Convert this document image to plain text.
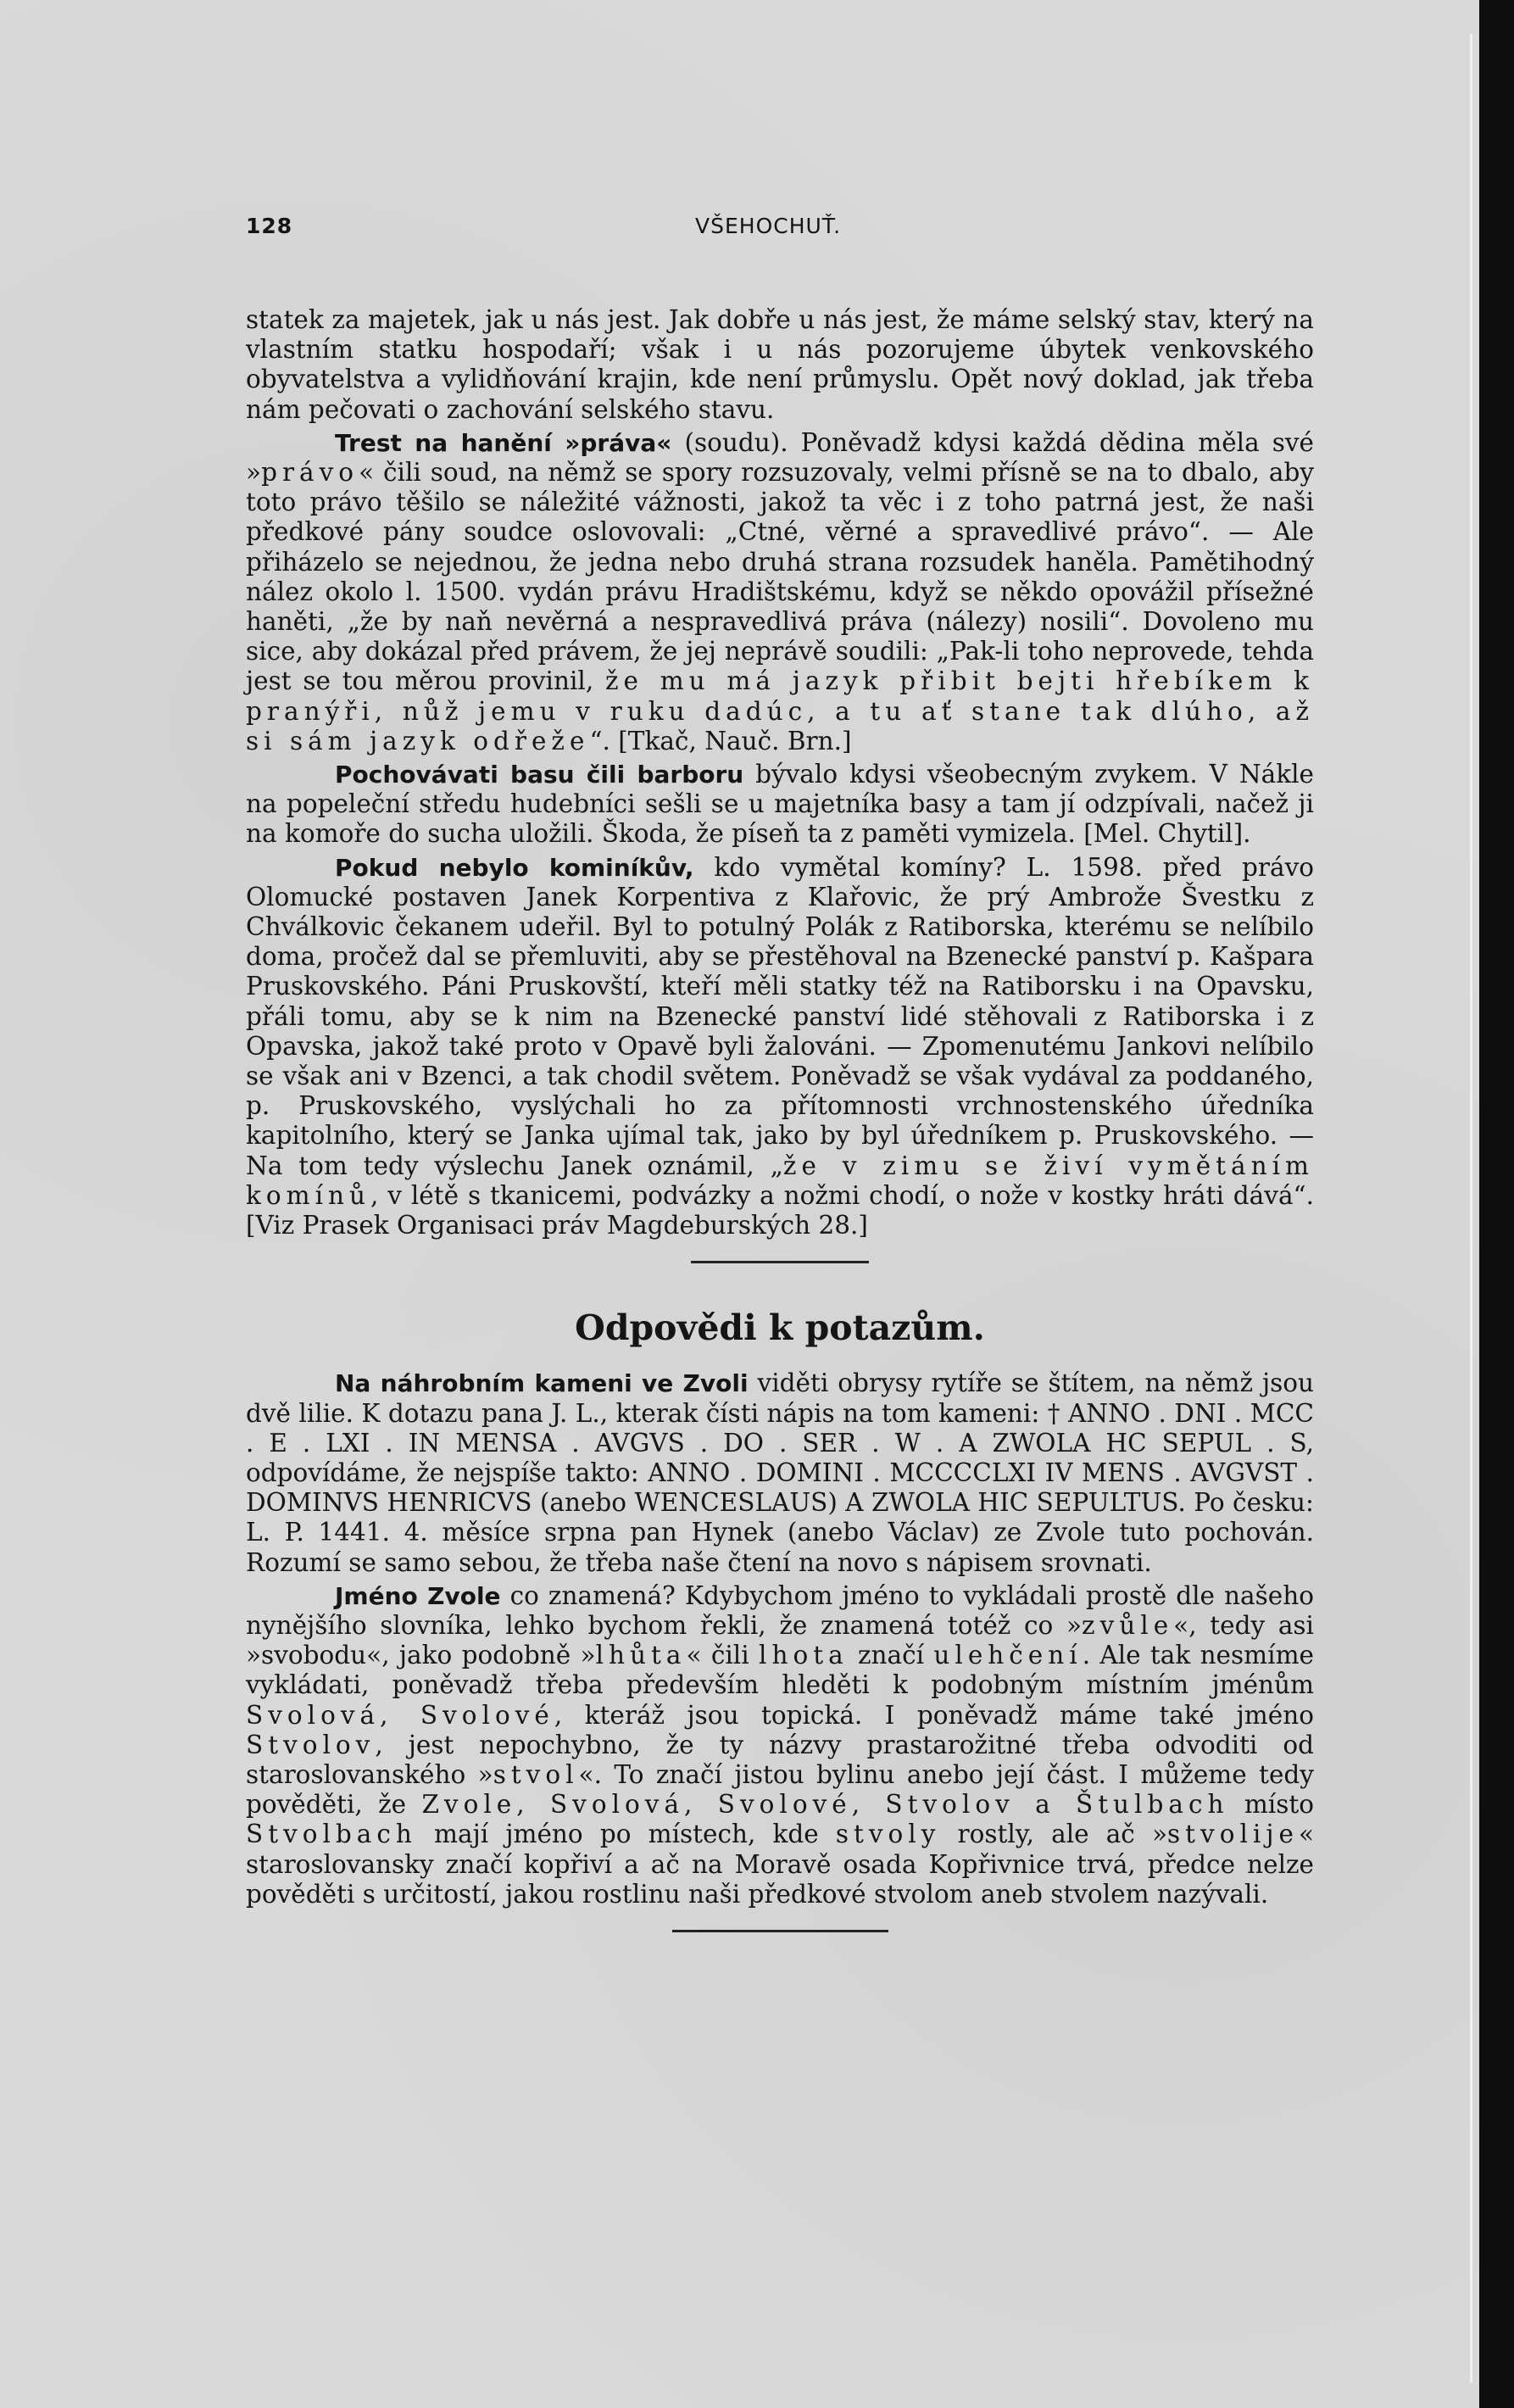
128	VŠEHOCHUŤ.

statek za majetek, jak u nás jest. Jak dobře u nás jest, že máme selský stav, který na vlastním statku hospodaří; však i u nás pozorujeme úbytek venkovského obyvatelstva a vylidňování krajin, kde není průmyslu. Opět nový doklad, jak třeba nám pečovati o zachování selského stavu.

Trest na hanění »práva« (soudu). Poněvadž kdysi každá dědina měla své »právo« čili soud, na němž se spory rozsuzovaly, velmi přísně se na to dbalo, aby toto právo těšilo se náležité vážnosti, jakož ta věc i z toho patrná jest, že naši předkové pány soudce oslovovali: „Ctné, věrné a spravedlivé právo“. — Ale přiházelo se nejednou, že jedna nebo druhá strana rozsudek haněla. Pamětihodný nález okolo l. 1500. vydán právu Hradištskému, když se někdo opovážil přísežné haněti, „že by naň nevěrná a nespravedlivá práva (nálezy) nosili“. Dovoleno mu sice, aby dokázal před právem, že jej neprávě soudili: „Pak-li toho neprovede, tehda jest se tou měrou provinil, že mu má jazyk přibit bejti hřebíkem k pranýři, nůž jemu v ruku dadúc, a tu ať stane tak dlúho, až si sám jazyk odřeže“. [Tkač, Nauč. Brn.]

Pochovávati basu čili barboru bývalo kdysi všeobecným zvykem. V Nákle na popeleční středu hudebníci sešli se u majetníka basy a tam jí odzpívali, načež ji na komoře do sucha uložili. Škoda, že píseň ta z paměti vymizela. [Mel. Chytil].

Pokud nebylo kominíkův, kdo vymětal komíny? L. 1598. před právo Olomucké postaven Janek Korpentiva z Klařovic, že prý Ambrože Švestku z Chválkovic čekanem udeřil. Byl to potulný Polák z Ratiborska, kterému se nelíbilo doma, pročež dal se přemluviti, aby se přestěhoval na Bzenecké panství p. Kašpara Pruskovského. Páni Pruskovští, kteří měli statky též na Ratiborsku i na Opavsku, přáli tomu, aby se k nim na Bzenecké panství lidé stěhovali z Ratiborska i z Opavska, jakož také proto v Opavě byli žalováni. — Zpomenutému Jankovi nelíbilo se však ani v Bzenci, a tak chodil světem. Poněvadž se však vydával za poddaného, p. Pruskovského, vyslýchali ho za přítomnosti vrchnostenského úředníka kapitolního, který se Janka ujímal tak, jako by byl úředníkem p. Pruskovského. — Na tom tedy výslechu Janek oznámil, „že v zimu se živí vymětáním komínů, v létě s tkanicemi, podvázky a nožmi chodí, o nože v kostky hráti dává“. [Viz Prasek Organisaci práv Magdeburských 28.]

Odpovědi k potazům.

Na náhrobním kameni ve Zvoli viděti obrysy rytíře se štítem, na němž jsou dvě lilie. K dotazu pana J. L., kterak čísti nápis na tom kameni: † ANNO . DNI . MCC . E . LXI . IN MENSA . AVGVS . DO . SER . W . A ZWOLA HC SEPUL . S, odpovídáme, že nejspíše takto: ANNO . DOMINI . MCCCCLXI IV MENS . AVGVST . DOMINVS HENRICVS (anebo WENCESLAUS) A ZWOLA HIC SEPULTUS. Po česku: L. P. 1441. 4. měsíce srpna pan Hynek (anebo Václav) ze Zvole tuto pochován. Rozumí se samo sebou, že třeba naše čtení na novo s nápisem srovnati.

Jméno Zvole co znamená? Kdybychom jméno to vykládali prostě dle našeho nynějšího slovníka, lehko bychom řekli, že znamená totéž co »zvůle«, tedy asi »svobodu«, jako podobně »lhůta« čili lhota značí ulehčení. Ale tak nesmíme vykládati, poněvadž třeba především hleděti k podobným místním jménům Svolová, Svolové, kteráž jsou topická. I poněvadž máme také jméno Stvolov, jest nepochybno, že ty názvy prastarožitné třeba odvoditi od staroslovanského »stvol«. To značí jistou bylinu anebo její část. I můžeme tedy pověděti, že Zvole, Svolová, Svolové, Stvolov a Štulbach místo Stvolbach mají jméno po místech, kde stvoly rostly, ale ač »stvolije« staroslovansky značí kopřiví a ač na Moravě osada Kopřivnice trvá, předce nelze pověděti s určitostí, jakou rostlinu naši předkové stvolom aneb stvolem nazývali.
